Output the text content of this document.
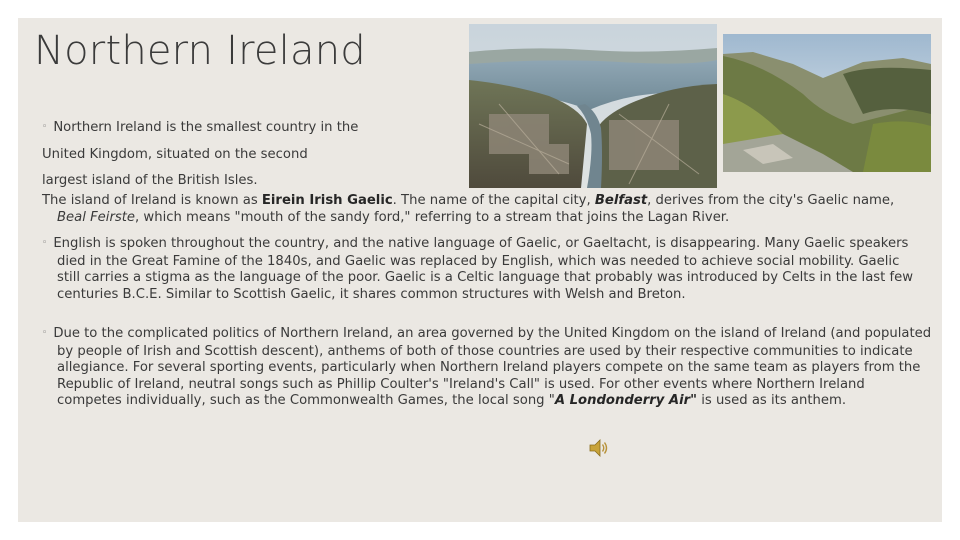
Northern Ireland
◦ Northern Ireland is the smallest country in the
United Kingdom, situated on the second
largest island of the British Isles.
The island of Ireland is known as Eirein Irish Gaelic. The name of the capital city, Belfast, derives from the city's Gaelic name, Beal Feirste, which means "mouth of the sandy ford," referring to a stream that joins the Lagan River.
◦ English is spoken throughout the country, and the native language of Gaelic, or Gaeltacht, is disappearing. Many Gaelic speakers died in the Great Famine of the 1840s, and Gaelic was replaced by English, which was needed to achieve social mobility. Gaelic still carries a stigma as the language of the poor. Gaelic is a Celtic language that probably was introduced by Celts in the last few centuries B.C.E. Similar to Scottish Gaelic, it shares common structures with Welsh and Breton.
◦ Due to the complicated politics of Northern Ireland, an area governed by the United Kingdom on the island of Ireland (and populated by people of Irish and Scottish descent), anthems of both of those countries are used by their respective communities to indicate allegiance. For several sporting events, particularly when Northern Ireland players compete on the same team as players from the Republic of Ireland, neutral songs such as Phillip Coulter's "Ireland's Call" is used. For other events where Northern Ireland competes individually, such as the Commonwealth Games, the local song "A Londonderry Air" is used as its anthem.
